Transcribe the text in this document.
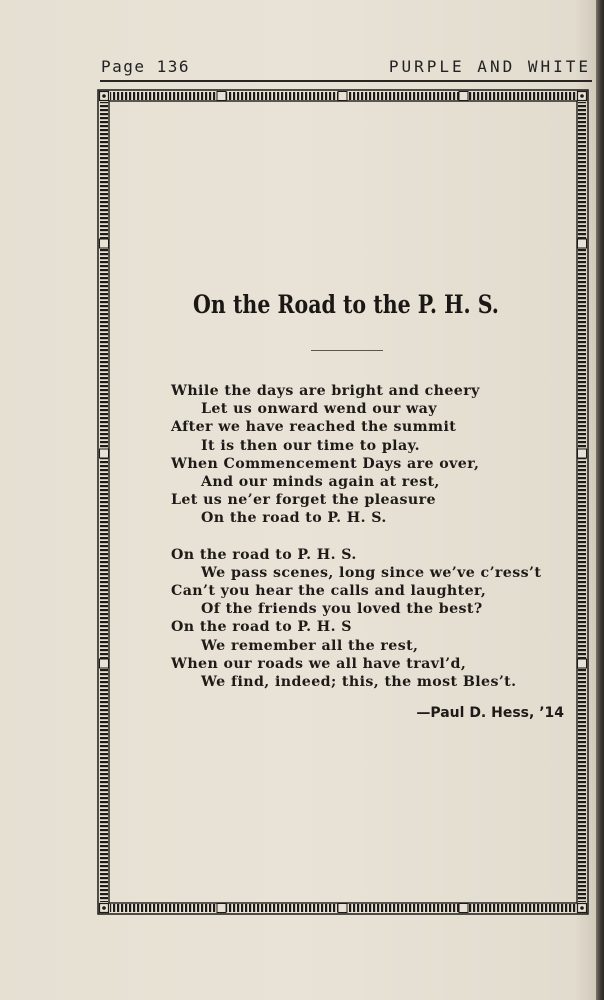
Page 136	PURPLE AND WHITE
On the Road to the P. H. S.

While the days are bright and cheery
Let us onward wend our way
After we have reached the summit
It is then our time to play.
When Commencement Days are over,
And our minds again at rest,
Let us ne’er forget the pleasure
On the road to P. H. S.

On the road to P. H. S.
We pass scenes, long since we’ve c’ress’t
Can’t you hear the calls and laughter,
Of the friends you loved the best?
On the road to P. H. S
We remember all the rest,
When our roads we all have travl’d,
We find, indeed; this, the most Bles’t.

—Paul D. Hess, ’14
